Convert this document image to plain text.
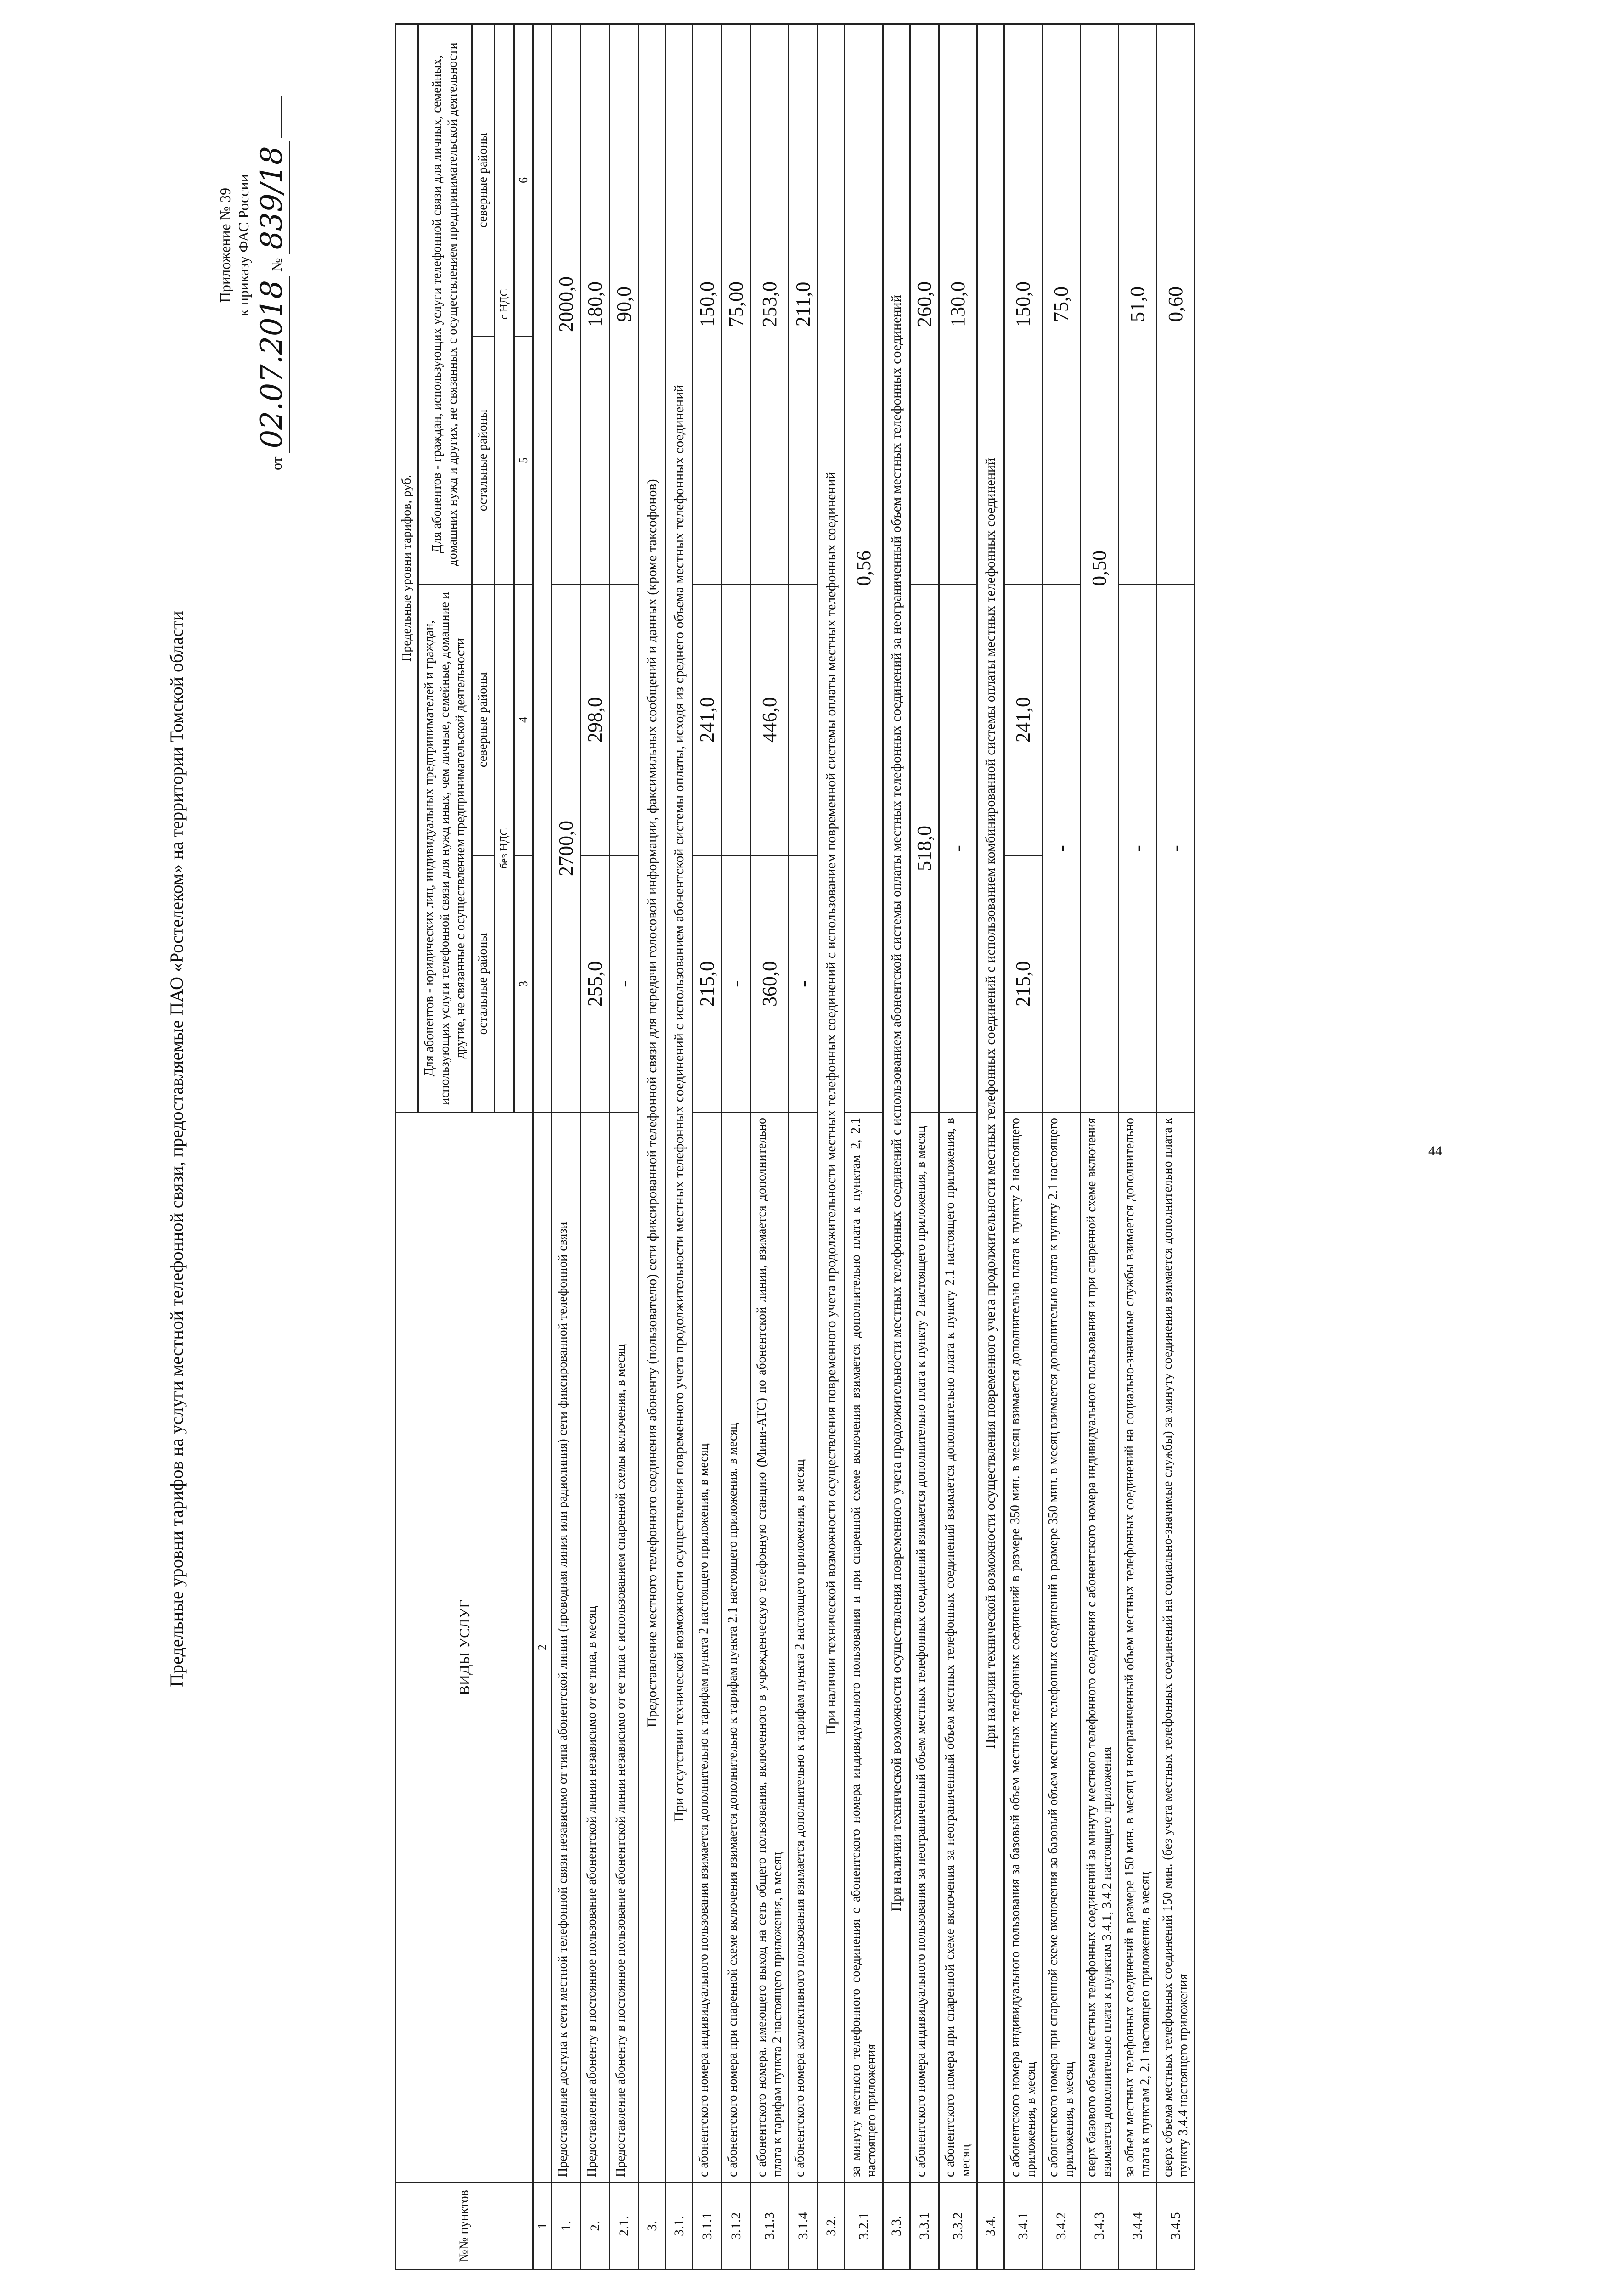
44
Приложение № 39 к приказу ФАС России
от 02.07.2018 № 839/18
Предельные уровни тарифов на услуги местной телефонной связи, предоставляемые ПАО «Ростелеком» на территории Томской области
№№ пунктов	ВИДЫ УСЛУГ	Предельные уровни тарифов, руб.			
		Для абонентов - юридических лиц, индивидуальных предпринимателей и граждан, использующих услуги телефонной связи для нужд иных, чем личные, семейные, домашние и другие, не связанные с осуществлением предпринимательской деятельности		Для абонентов - граждан, использующих услуги телефонной связи для личных, семейных, домашних нужд и других, не связанных с осуществлением предпринимательской деятельности	
		остальные районы	северные районы	остальные районы	северные районы
		без НДС		с НДС	
		3	4	5	6
1	2				
1.	Предоставление доступа к сети местной телефонной связи независимо от типа абонентской линии (проводная линия или радиолиния) сети фиксированной телефонной связи	2700,0		2000,0	
2.	Предоставление абоненту в постоянное пользование абонентской линии независимо от ее типа, в месяц	255,0	298,0	180,0	
2.1.	Предоставление абоненту в постоянное пользование абонентской линии независимо от ее типа с использованием спаренной схемы включения, в месяц	-		90,0	
3.	Предоставление местного телефонного соединения абоненту (пользователю) сети фиксированной телефонной связи для передачи голосовой информации, факсимильных сообщений и данных (кроме таксофонов)				
3.1.	При отсутствии технической возможности осуществления повременного учета продолжительности местных телефонных соединений с использованием абонентской системы оплаты, исходя из среднего объема местных телефонных соединений				
3.1.1	с абонентского номера индивидуального пользования взимается дополнительно к тарифам пункта 2 настоящего приложения, в месяц	215,0	241,0	150,0	
3.1.2	с абонентского номера при спаренной схеме включения взимается дополнительно к тарифам пункта 2.1 настоящего приложения, в месяц	-		75,00	
3.1.3	с абонентского номера, имеющего выход на сеть общего пользования, включенного в учрежденческую телефонную станцию (Мини-АТС) по абонентской линии, взимается дополнительно плата к тарифам пункта 2 настоящего приложения, в месяц	360,0	446,0	253,0	
3.1.4	с абонентского номера коллективного пользования взимается дополнительно к тарифам пункта 2 настоящего приложения, в месяц	-		211,0	
3.2.	При наличии технической возможности осуществления повременного учета продолжительности местных телефонных соединений с использованием повременной системы оплаты местных телефонных соединений				
3.2.1	за минуту местного телефонного соединения с абонентского номера индивидуального пользования и при спаренной схеме включения взимается дополнительно плата к пунктам 2, 2.1 настоящего приложения	0,56			
3.3.	При наличии технической возможности осуществления повременного учета продолжительности местных телефонных соединений с использованием абонентской системы оплаты местных телефонных соединений за неограниченный объем местных телефонных соединений				
3.3.1	с абонентского номера индивидуального пользования за неограниченный объем местных телефонных соединений взимается дополнительно плата к пункту 2 настоящего приложения, в месяц	518,0		260,0	
3.3.2	с абонентского номера при спаренной схеме включения за неограниченный объем местных телефонных соединений взимается дополнительно плата к пункту 2.1 настоящего приложения, в месяц	-		130,0	
3.4.	При наличии технической возможности осуществления повременного учета продолжительности местных телефонных соединений с использованием комбинированной системы оплаты местных телефонных соединений				
3.4.1	с абонентского номера индивидуального пользования за базовый объем местных телефонных соединений в размере 350 мин. в месяц взимается дополнительно плата к пункту 2 настоящего приложения, в месяц	215,0	241,0	150,0	
3.4.2	с абонентского номера при спаренной схеме включения за базовый объем местных телефонных соединений в размере 350 мин. в месяц взимается дополнительно плата к пункту 2.1 настоящего приложения, в месяц	-		75,0	
3.4.3	сверх базового объема местных телефонных соединений за минуту местного телефонного соединения с абонентского номера индивидуального пользования и при спаренной схеме включения взимается дополнительно плата к пунктам 3.4.1, 3.4.2 настоящего приложения	0,50			
3.4.4	за объем местных телефонных соединений в размере 150 мин. в месяц и неограниченный объем местных телефонных соединений на социально-значимые службы взимается дополнительно плата к пунктам 2, 2.1 настоящего приложения, в месяц	-		51,0	
3.4.5	сверх объема местных телефонных соединений 150 мин. (без учета местных телефонных соединений на социально-значимые службы) за минуту соединения взимается дополнительно плата к пункту 3.4.4 настоящего приложения	-		0,60	
